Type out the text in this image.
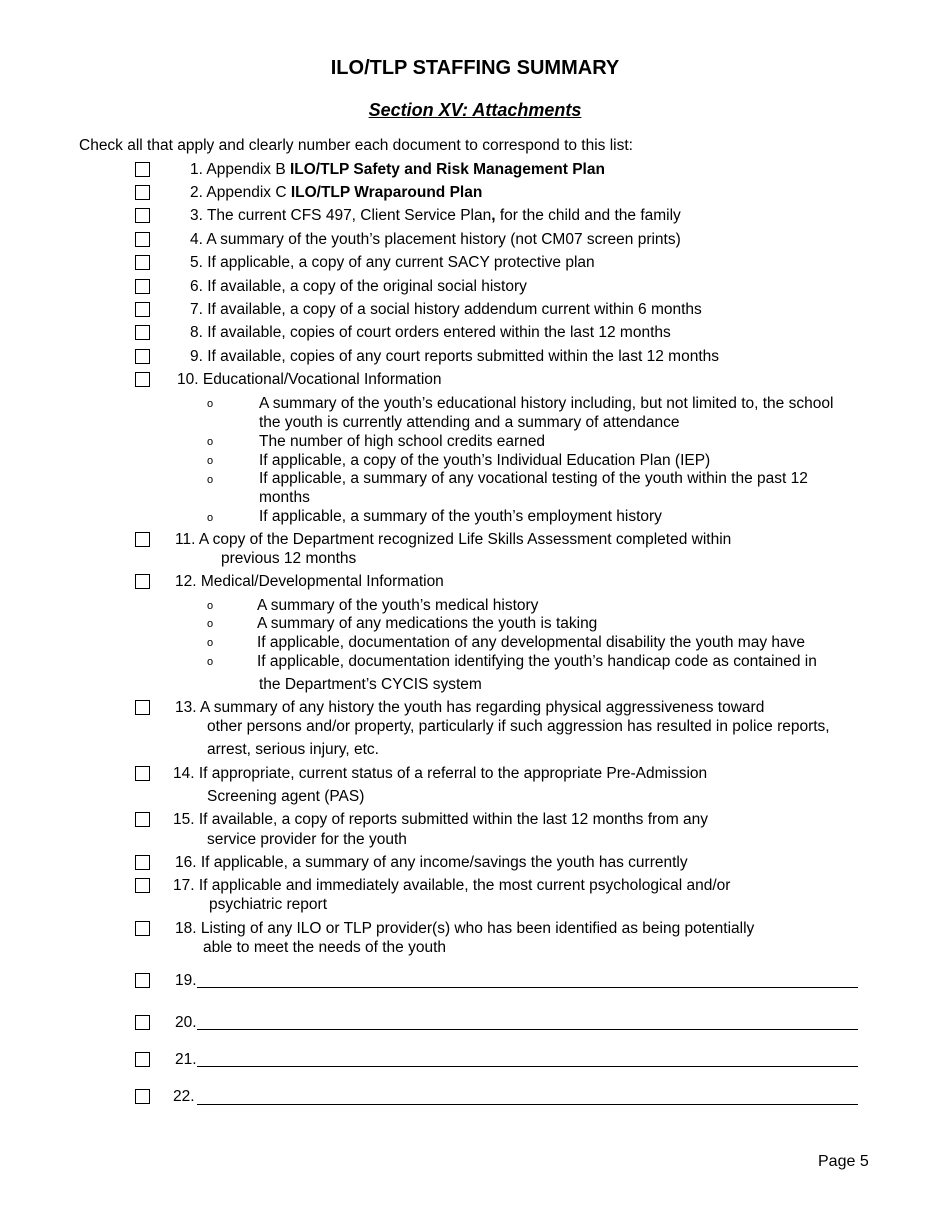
ILO/TLP STAFFING SUMMARY
Section XV: Attachments
Check all that apply and clearly number each document to correspond to this list:
1. Appendix B ILO/TLP Safety and Risk Management Plan
2. Appendix C ILO/TLP Wraparound Plan
3. The current CFS 497, Client Service Plan, for the child and the family
4. A summary of the youth’s placement history (not CM07 screen prints)
5. If applicable, a copy of any current SACY protective plan
6. If available, a copy of the original social history
7. If available, a copy of a social history addendum current within 6 months
8. If available, copies of court orders entered within the last 12 months
9. If available, copies of any court reports submitted within the last 12 months
10. Educational/Vocational Information
o	A summary of the youth’s educational history including, but not limited to, the school
the youth is currently attending and a summary of attendance
o	The number of high school credits earned
o	If applicable, a copy of the youth’s Individual Education Plan (IEP)
o	If applicable, a summary of any vocational testing of the youth within the past 12
months
o	If applicable, a summary of the youth’s employment history
11. A copy of the Department recognized Life Skills Assessment completed within
previous 12 months
12. Medical/Developmental Information
o	A summary of the youth’s medical history
o	A summary of any medications the youth is taking
o	If applicable, documentation of any developmental disability the youth may have
o	If applicable, documentation identifying the youth’s handicap code as contained in
the Department’s CYCIS system
13. A summary of any history the youth has regarding physical aggressiveness toward
other persons and/or property, particularly if such aggression has resulted in police reports,
arrest, serious injury, etc.
14. If appropriate, current status of a referral to the appropriate Pre-Admission
Screening agent (PAS)
15. If available, a copy of reports submitted within the last 12 months from any
service provider for the youth
16. If applicable, a summary of any income/savings the youth has currently
17. If applicable and immediately available, the most current psychological and/or
psychiatric report
18. Listing of any ILO or TLP provider(s) who has been identified as being potentially
able to meet the needs of the youth
19.
20.
21.
22.
Page 5
